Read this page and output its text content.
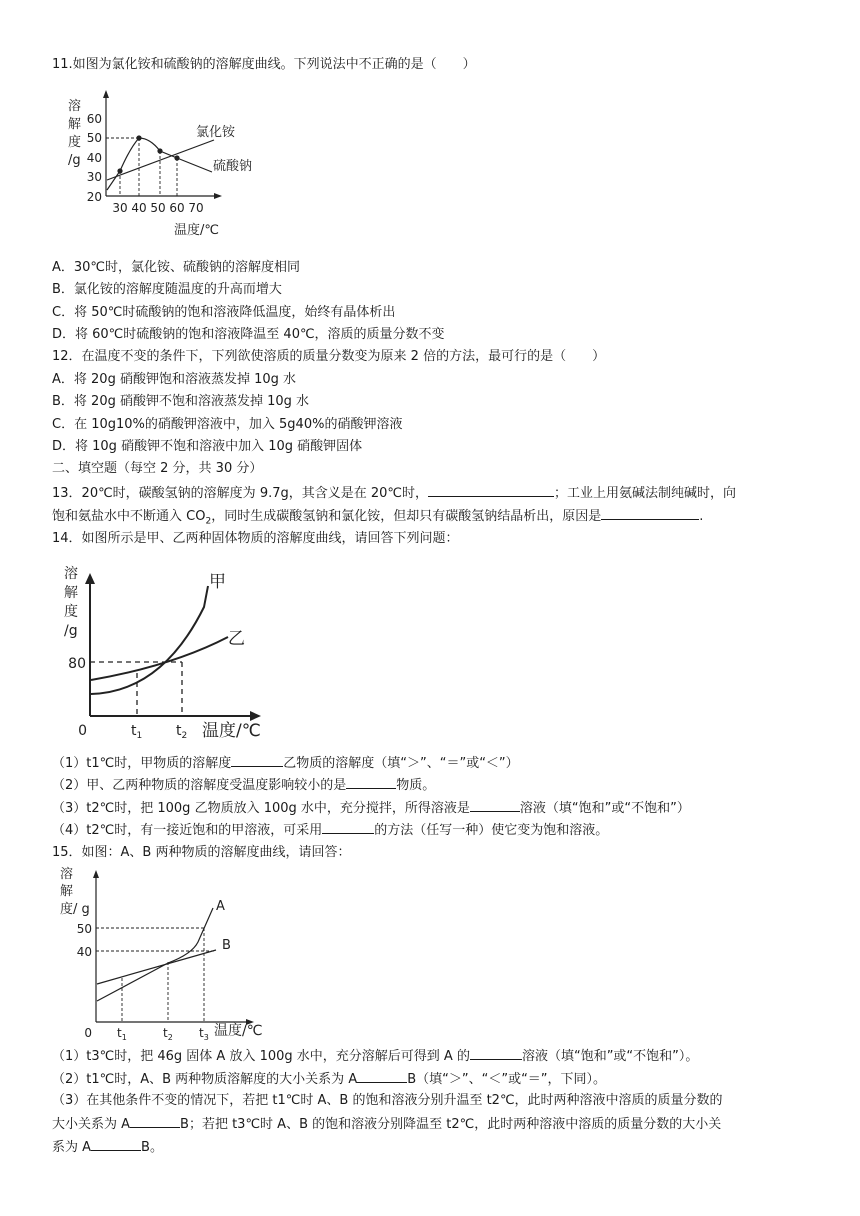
11.如图为氯化铵和硫酸钠的溶解度曲线。下列说法中不正确的是（　　）
溶
解
度
/g
60
50
40
30
20
30 40 50 60 70
氯化铵
硫酸钠
温度/℃
A．30℃时，氯化铵、硫酸钠的溶解度相同
B．氯化铵的溶解度随温度的升高而增大
C．将 50℃时硫酸钠的饱和溶液降低温度，始终有晶体析出
D．将 60℃时硫酸钠的饱和溶液降温至 40℃，溶质的质量分数不变
12．在温度不变的条件下，下列欲使溶质的质量分数变为原来 2 倍的方法，最可行的是（　　）
A．将 20g 硝酸钾饱和溶液蒸发掉 10g 水
B．将 20g 硝酸钾不饱和溶液蒸发掉 10g 水
C．在 10g10%的硝酸钾溶液中，加入 5g40%的硝酸钾溶液
D．将 10g 硝酸钾不饱和溶液中加入 10g 硝酸钾固体
二、填空题（每空 2 分，共 30 分）
13．20℃时，碳酸氢钠的溶解度为 9.7g，其含义是在 20℃时，	；工业上用氨碱法制纯碱时，向
饱和氨盐水中不断通入 $CO_2$，同时生成碳酸氢钠和氯化铵，但却只有碳酸氢钠结晶析出，原因是	.
14．如图所示是甲、乙两种固体物质的溶解度曲线，请回答下列问题：
溶
解
度
/g
80
0	$t_1$ $t_2$ 温度/℃
甲
乙
（1）t1℃时，甲物质的溶解度	乙物质的溶解度（填“＞”、“＝”或“＜”）
（2）甲、乙两种物质的溶解度受温度影响较小的是	物质。
（3）t2℃时，把 100g 乙物质放入 100g 水中，充分搅拌，所得溶液是	溶液（填“饱和”或“不饱和”）
（4）t2℃时，有一接近饱和的甲溶液，可采用	的方法（任写一种）使它变为饱和溶液。
15．如图：A、B 两种物质的溶解度曲线，请回答：
溶
解
度/ g
50
40
0 $t_1$	$t_2$ $t_3$ 温度/℃
A
B
（1）t3℃时，把 46g 固体 A 放入 100g 水中，充分溶解后可得到 A 的	溶液（填“饱和”或“不饱和”）。
（2）t1℃时，A、B 两种物质溶解度的大小关系为 A	B（填“＞”、“＜”或“＝”，下同）。
（3）在其他条件不变的情况下，若把 t1℃时 A、B 的饱和溶液分别升温至 t2℃，此时两种溶液中溶质的质量分数的
大小关系为 A	B；若把 t3℃时 A、B 的饱和溶液分别降温至 t2℃，此时两种溶液中溶质的质量分数的大小关
系为 A	B。
